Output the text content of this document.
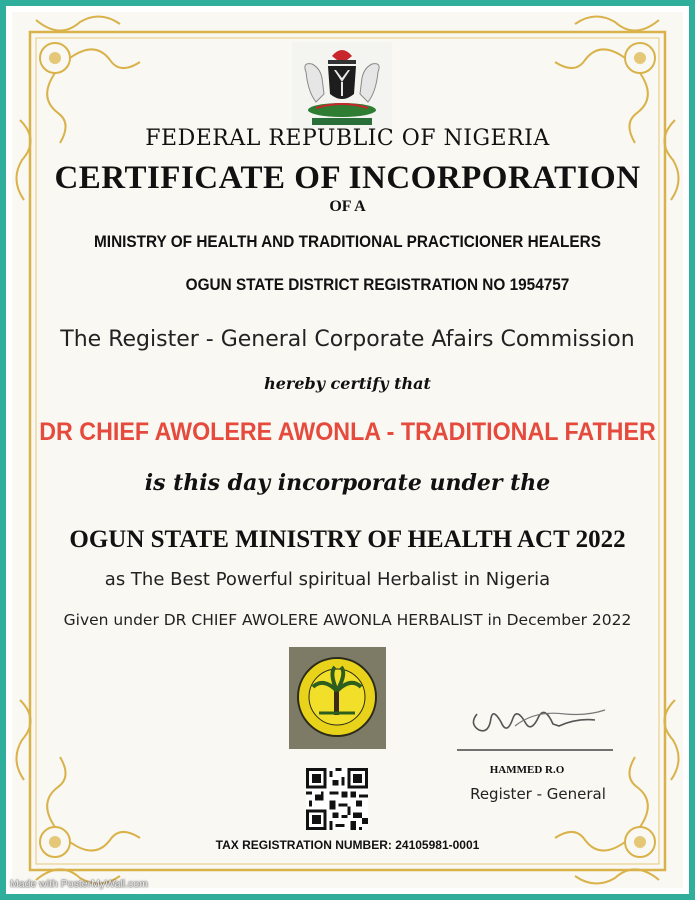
FEDERAL REPUBLIC OF NIGERIA
CERTIFICATE OF INCORPORATION
OF A
MINISTRY OF HEALTH AND TRADITIONAL PRACTICIONER HEALERS
OGUN STATE DISTRICT REGISTRATION NO 1954757
The Register - General Corporate Afairs Commission
hereby certify that
DR CHIEF AWOLERE AWONLA - TRADITIONAL FATHER
is this day incorporate under the
OGUN STATE MINISTRY OF HEALTH ACT 2022
as The Best Powerful spiritual Herbalist in Nigeria
Given under DR CHIEF AWOLERE AWONLA HERBALIST in December 2022
HAMMED R.O
Register - General
TAX REGISTRATION NUMBER: 24105981-0001
Made with PosterMyWall.com
